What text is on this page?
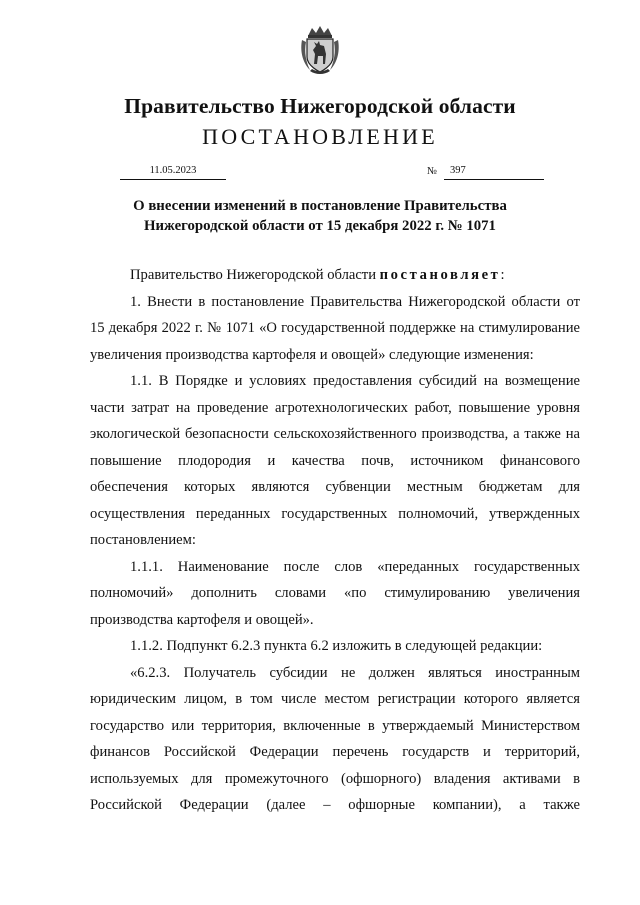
Правительство Нижегородской области
ПОСТАНОВЛЕНИЕ
11.05.2023	№	397
О внесении изменений в постановление Правительства
Нижегородской области от 15 декабря 2022 г. № 1071

Правительство Нижегородской области постановляет:

1. Внести в постановление Правительства Нижегородской области от 15 декабря 2022 г. № 1071 «О государственной поддержке на стимулирование увеличения производства картофеля и овощей» следующие изменения:

1.1. В Порядке и условиях предоставления субсидий на возмещение части затрат на проведение агротехнологических работ, повышение уровня экологической безопасности сельскохозяйственного производства, а также на повышение плодородия и качества почв, источником финансового обеспечения которых являются субвенции местным бюджетам для осуществления переданных государственных полномочий, утвержденных постановлением:

1.1.1. Наименование после слов «переданных государственных полномочий» дополнить словами «по стимулированию увеличения производства картофеля и овощей».

1.1.2. Подпункт 6.2.3 пункта 6.2 изложить в следующей редакции:

«6.2.3. Получатель субсидии не должен являться иностранным юридическим лицом, в том числе местом регистрации которого является государство или территория, включенные в утверждаемый Министерством финансов Российской Федерации перечень государств и территорий, используемых для промежуточного (офшорного) владения активами в Российской Федерации (далее – офшорные компании), а также
